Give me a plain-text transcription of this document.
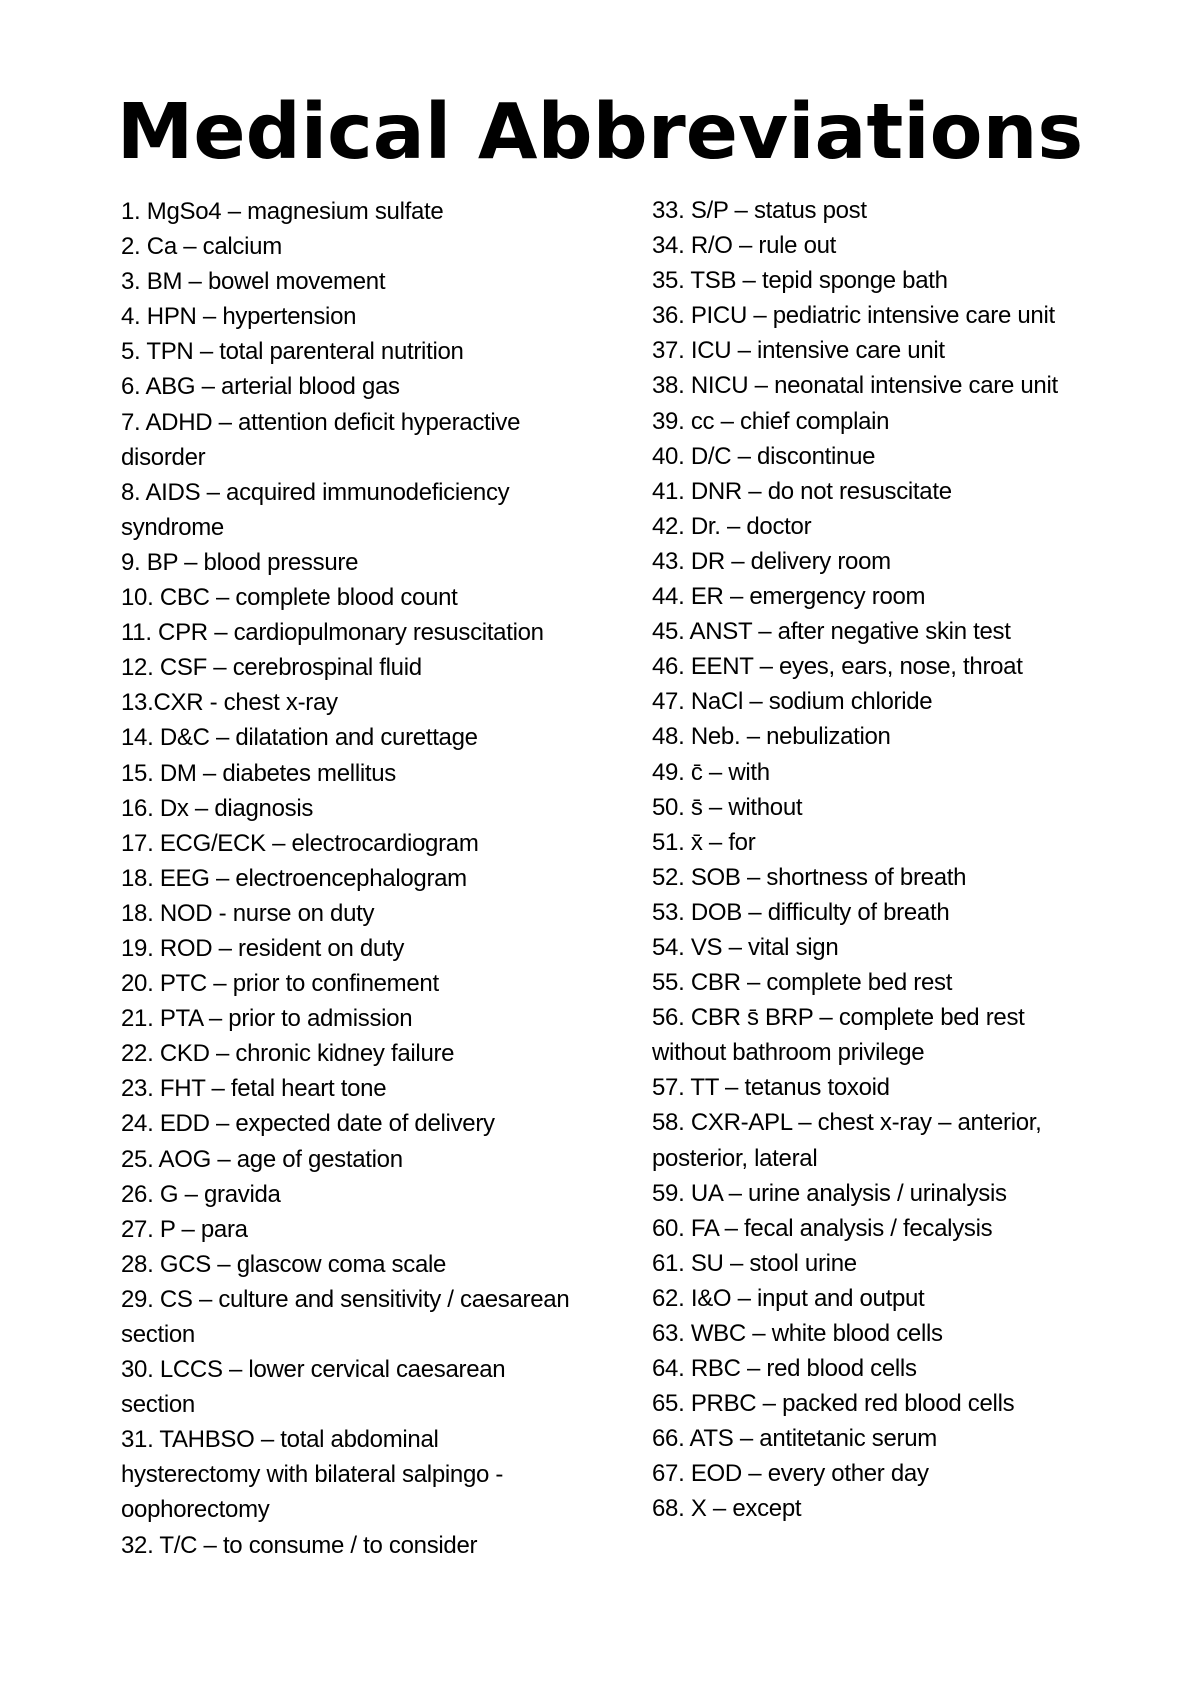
Medical Abbreviations
1. MgSo4 – magnesium sulfate
2. Ca – calcium
3. BM – bowel movement
4. HPN – hypertension
5. TPN – total parenteral nutrition
6. ABG – arterial blood gas
7. ADHD – attention deficit hyperactive disorder
8. AIDS – acquired immunodeficiency syndrome
9. BP – blood pressure
10. CBC – complete blood count
11. CPR – cardiopulmonary resuscitation
12. CSF – cerebrospinal fluid
13.CXR - chest x-ray
14. D&C – dilatation and curettage
15. DM – diabetes mellitus
16. Dx – diagnosis
17. ECG/ECK – electrocardiogram
18. EEG – electroencephalogram
18. NOD - nurse on duty
19. ROD – resident on duty
20. PTC – prior to confinement
21. PTA – prior to admission
22. CKD – chronic kidney failure
23. FHT – fetal heart tone
24. EDD – expected date of delivery
25. AOG – age of gestation
26. G – gravida
27. P – para
28. GCS – glascow coma scale
29. CS – culture and sensitivity / caesarean section
30. LCCS – lower cervical caesarean section
31. TAHBSO – total abdominal hysterectomy with bilateral salpingo - oophorectomy
32. T/C – to consume / to consider
33. S/P – status post
34. R/O – rule out
35. TSB – tepid sponge bath
36. PICU – pediatric intensive care unit
37. ICU – intensive care unit
38. NICU – neonatal intensive care unit
39. cc – chief complain
40. D/C – discontinue
41. DNR – do not resuscitate
42. Dr. – doctor
43. DR – delivery room
44. ER – emergency room
45. ANST – after negative skin test
46. EENT – eyes, ears, nose, throat
47. NaCl – sodium chloride
48. Neb. – nebulization
49. c̄ – with
50. s̄ – without
51. x̄ – for
52. SOB – shortness of breath
53. DOB – difficulty of breath
54. VS – vital sign
55. CBR – complete bed rest
56. CBR s̄ BRP – complete bed rest without bathroom privilege
57. TT – tetanus toxoid
58. CXR-APL – chest x-ray – anterior, posterior, lateral
59. UA – urine analysis / urinalysis
60. FA – fecal analysis / fecalysis
61. SU – stool urine
62. I&O – input and output
63. WBC – white blood cells
64. RBC – red blood cells
65. PRBC – packed red blood cells
66. ATS – antitetanic serum
67. EOD – every other day
68. X – except
